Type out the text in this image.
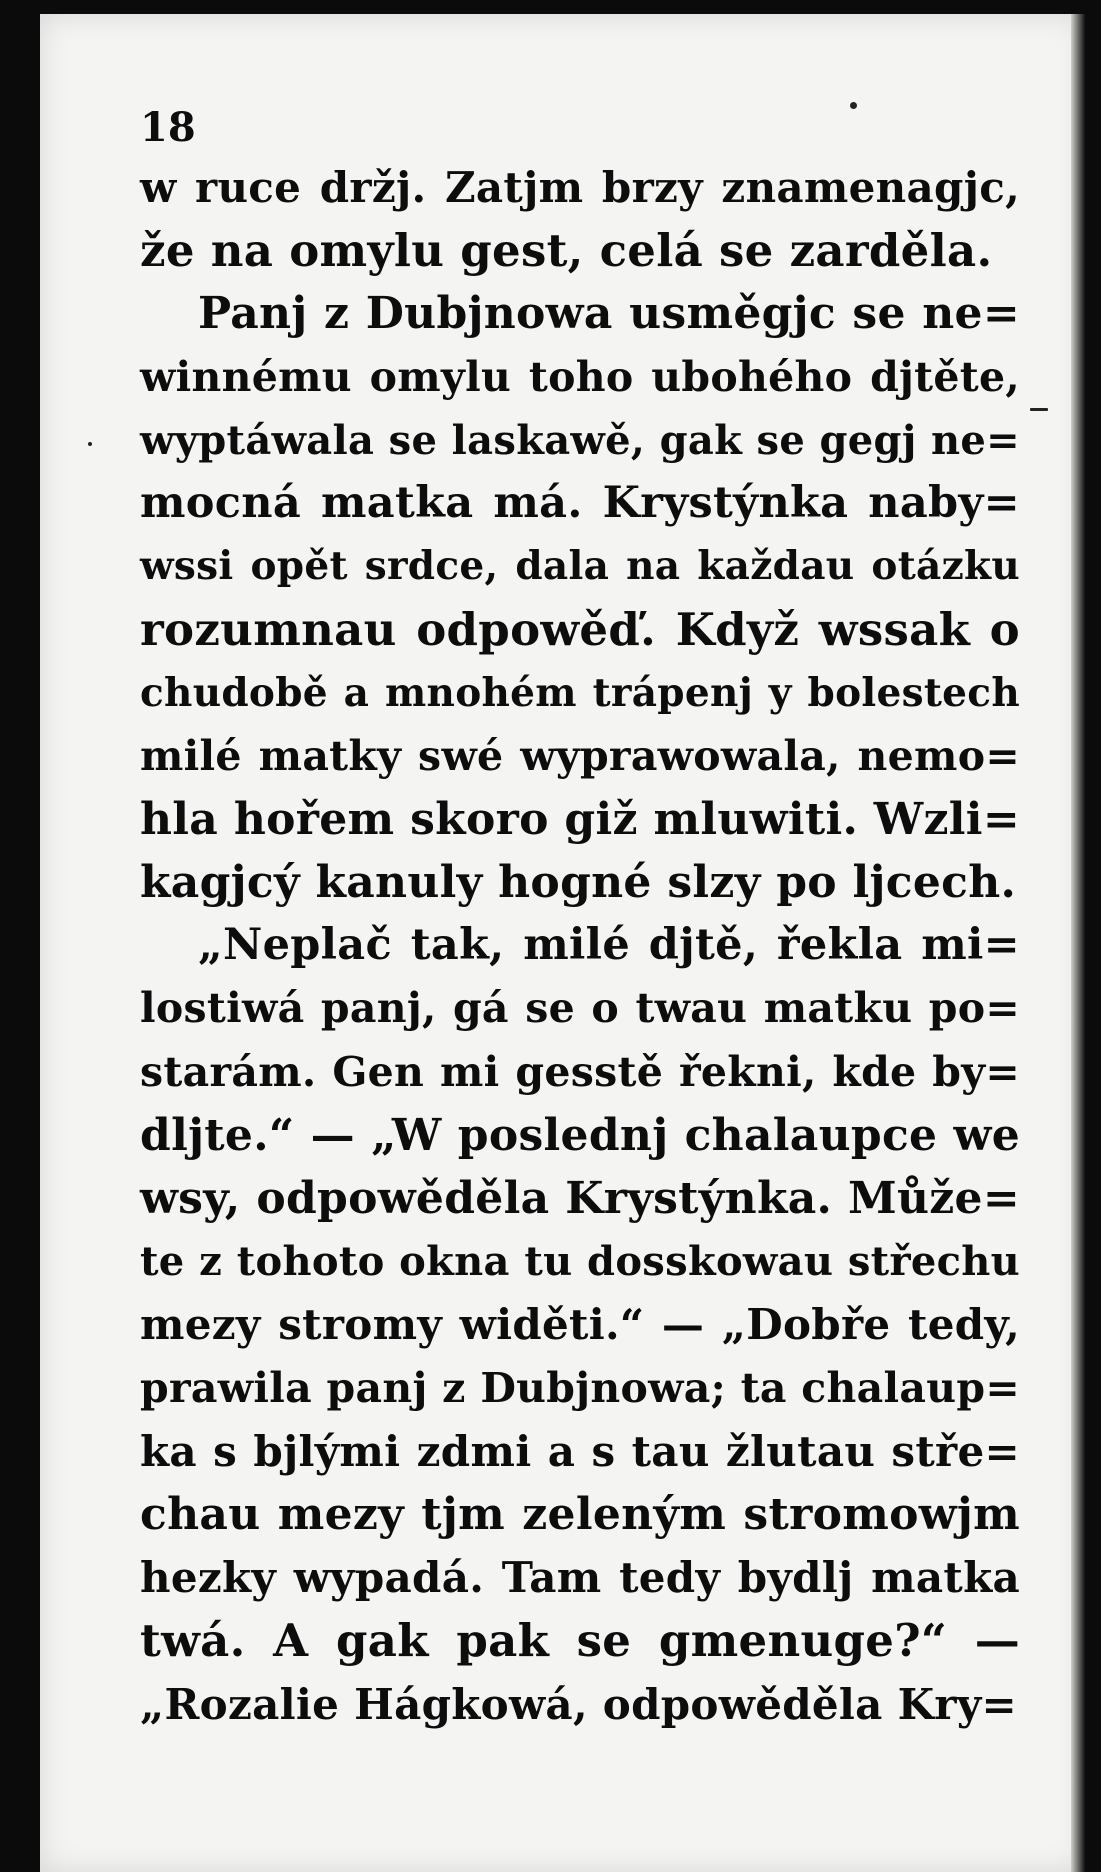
18
w ruce držj. Zatjm brzy znamenagjc,
že na omylu gest, celá se zarděla.
Panj z Dubjnowa usměgjc se ne=
winnému omylu toho ubohého djtěte,
wyptáwala se laskawě, gak se gegj ne=
mocná matka má. Krystýnka naby=
wssi opět srdce, dala na každau otázku
rozumnau odpowěď. Když wssak o
chudobě a mnohém trápenj y bolestech
milé matky swé wyprawowala, nemo=
hla hořem skoro giž mluwiti. Wzli=
kagjcý kanuly hogné slzy po ljcech.
„Neplač tak, milé djtě, řekla mi=
lostiwá panj, gá se o twau matku po=
starám. Gen mi gesstě řekni, kde by=
dljte.“ — „W poslednj chalaupce we
wsy, odpowěděla Krystýnka. Může=
te z tohoto okna tu dosskowau střechu
mezy stromy widěti.“ — „Dobře tedy,
prawila panj z Dubjnowa; ta chalaup=
ka s bjlými zdmi a s tau žlutau stře=
chau mezy tjm zeleným stromowjm
hezky wypadá. Tam tedy bydlj matka
twá. A gak pak se gmenuge?“ —
„Rozalie Hágkowá, odpowěděla Kry=
